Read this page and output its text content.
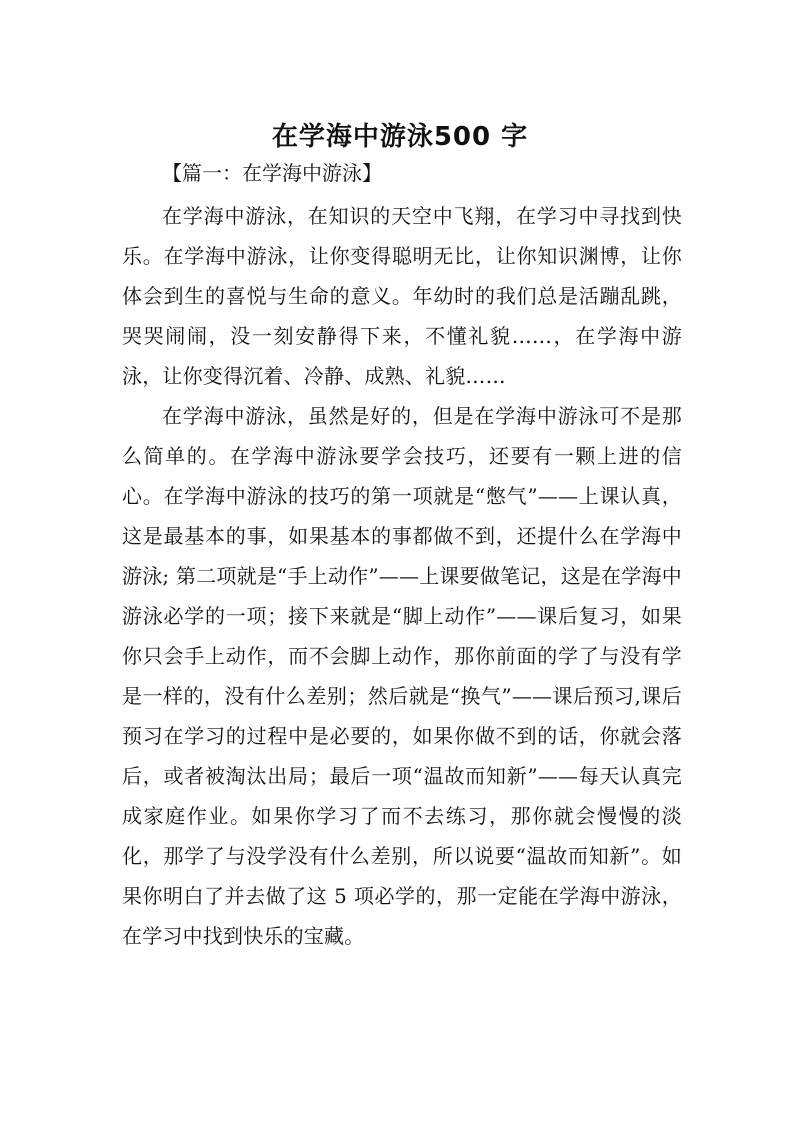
在学海中游泳500 字
【篇一：在学海中游泳】

在学海中游泳，在知识的天空中飞翔，在学习中寻找到快乐。在学海中游泳，让你变得聪明无比，让你知识渊博，让你体会到生的喜悦与生命的意义。年幼时的我们总是活蹦乱跳，哭哭闹闹，没一刻安静得下来，不懂礼貌……，在学海中游泳，让你变得沉着、冷静、成熟、礼貌……

在学海中游泳，虽然是好的，但是在学海中游泳可不是那么简单的。在学海中游泳要学会技巧，还要有一颗上进的信心。在学海中游泳的技巧的第一项就是“憋气”——上课认真，这是最基本的事，如果基本的事都做不到，还提什么在学海中游泳; 第二项就是“手上动作”——上课要做笔记，这是在学海中游泳必学的一项；接下来就是“脚上动作”——课后复习，如果你只会手上动作，而不会脚上动作，那你前面的学了与没有学是一样的，没有什么差别；然后就是“换气”——课后预习,课后预习在学习的过程中是必要的，如果你做不到的话，你就会落后，或者被淘汰出局；最后一项“温故而知新”——每天认真完成家庭作业。如果你学习了而不去练习，那你就会慢慢的淡化，那学了与没学没有什么差别，所以说要“温故而知新”。如果你明白了并去做了这 5 项必学的，那一定能在学海中游泳，在学习中找到快乐的宝藏。
